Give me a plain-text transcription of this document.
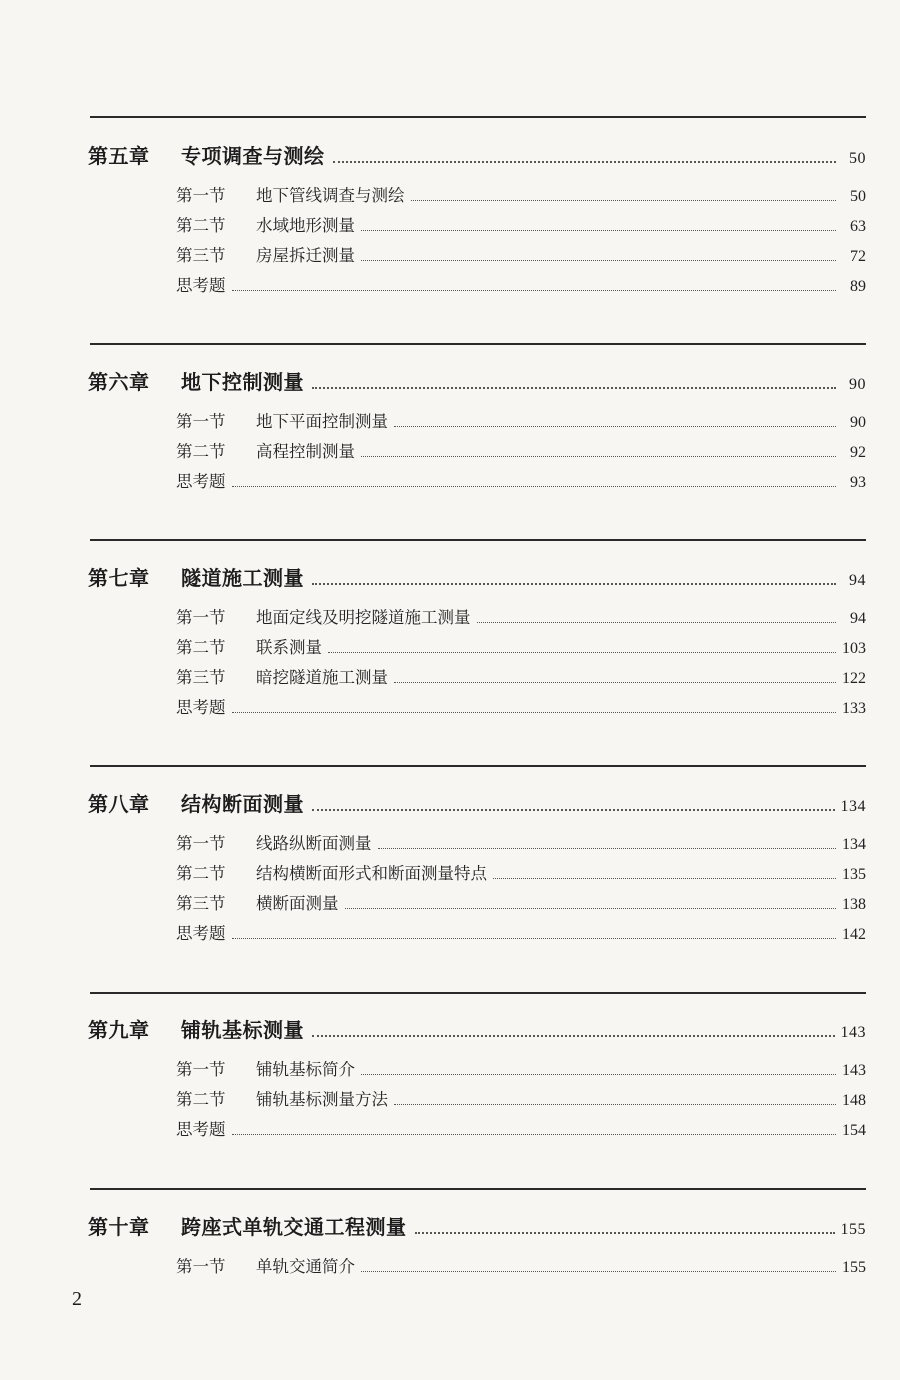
第五章	专项调查与测绘	50
第一节	地下管线调查与测绘	50
第二节	水域地形测量	63
第三节	房屋拆迁测量	72
思考题	89
第六章	地下控制测量	90
第一节	地下平面控制测量	90
第二节	高程控制测量	92
思考题	93
第七章	隧道施工测量	94
第一节	地面定线及明挖隧道施工测量	94
第二节	联系测量	103
第三节	暗挖隧道施工测量	122
思考题	133
第八章	结构断面测量	134
第一节	线路纵断面测量	134
第二节	结构横断面形式和断面测量特点	135
第三节	横断面测量	138
思考题	142
第九章	铺轨基标测量	143
第一节	铺轨基标简介	143
第二节	铺轨基标测量方法	148
思考题	154
第十章	跨座式单轨交通工程测量	155
第一节	单轨交通简介	155
2
